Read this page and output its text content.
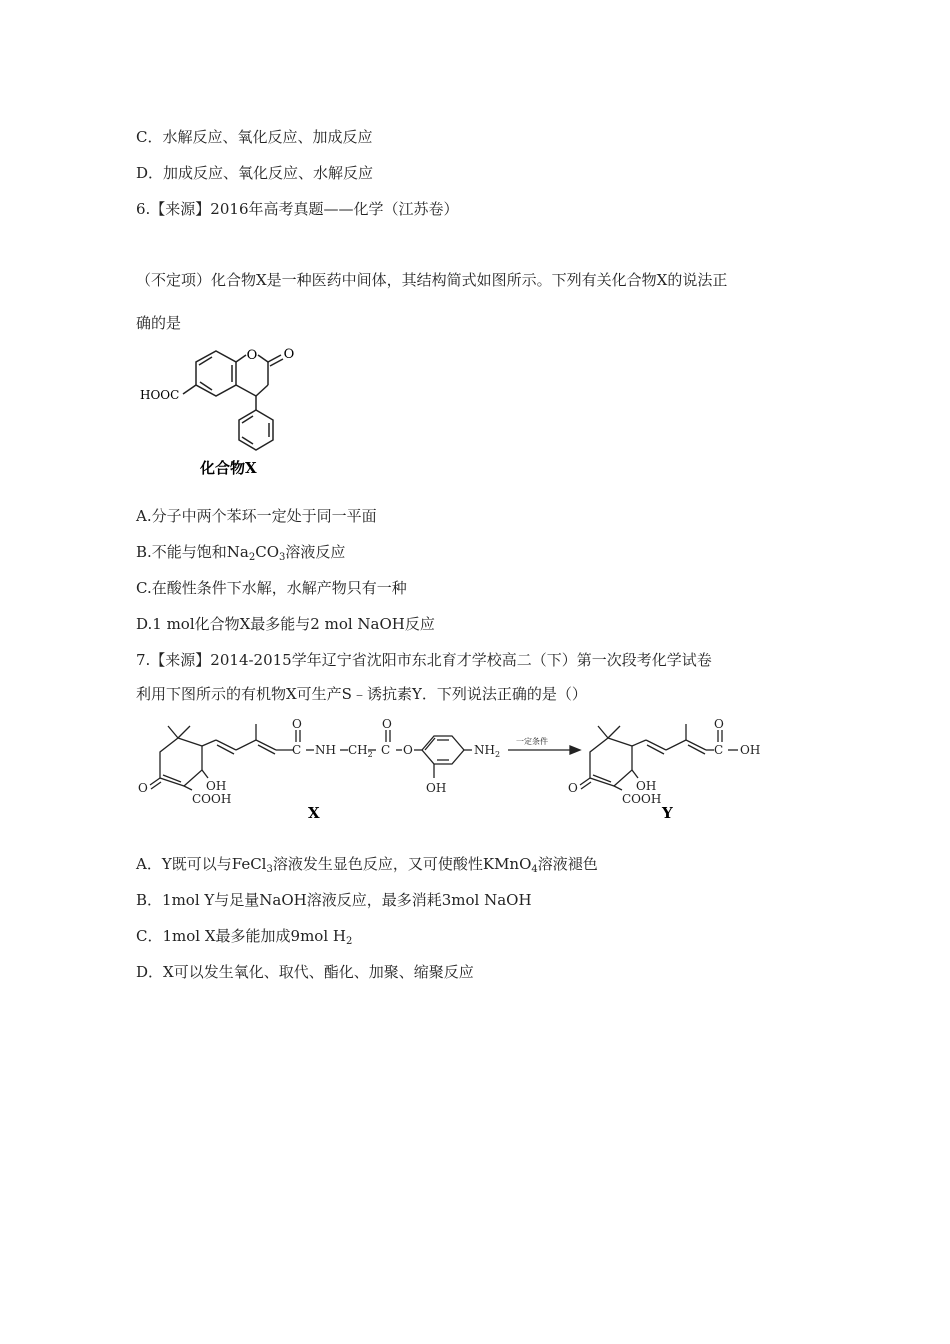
C．水解反应、氧化反应、加成反应
D．加成反应、氧化反应、水解反应
6.【来源】2016年高考真题——化学（江苏卷）
（不定项）化合物X是一种医药中间体，其结构简式如图所示。下列有关化合物X的说法正
确的是
O O
HOOC
化合物X
A.分子中两个苯环一定处于同一平面
B.不能与饱和$Na_2CO_3$溶液反应
C.在酸性条件下水解，水解产物只有一种
D.1 mol化合物X最多能与2 mol NaOH反应
7.【来源】2014-2015学年辽宁省沈阳市东北育才学校高二（下）第一次段考化学试卷
利用下图所示的有机物X可生产S﹣诱抗素Y．下列说法正确的是（）
O	OH
COOH
C
O
NH $CH_2$ C
O
O	$NH_2$
OH
一定条件
O	OH
COOH
C
O
OH
X	Y
A．Y既可以与FeCl$_3$溶液发生显色反应，又可使酸性KMnO$_4$溶液褪色
B．1mol Y与足量NaOH溶液反应，最多消耗3mol NaOH
C．1mol X最多能加成9mol $H_2$
D．X可以发生氧化、取代、酯化、加聚、缩聚反应
